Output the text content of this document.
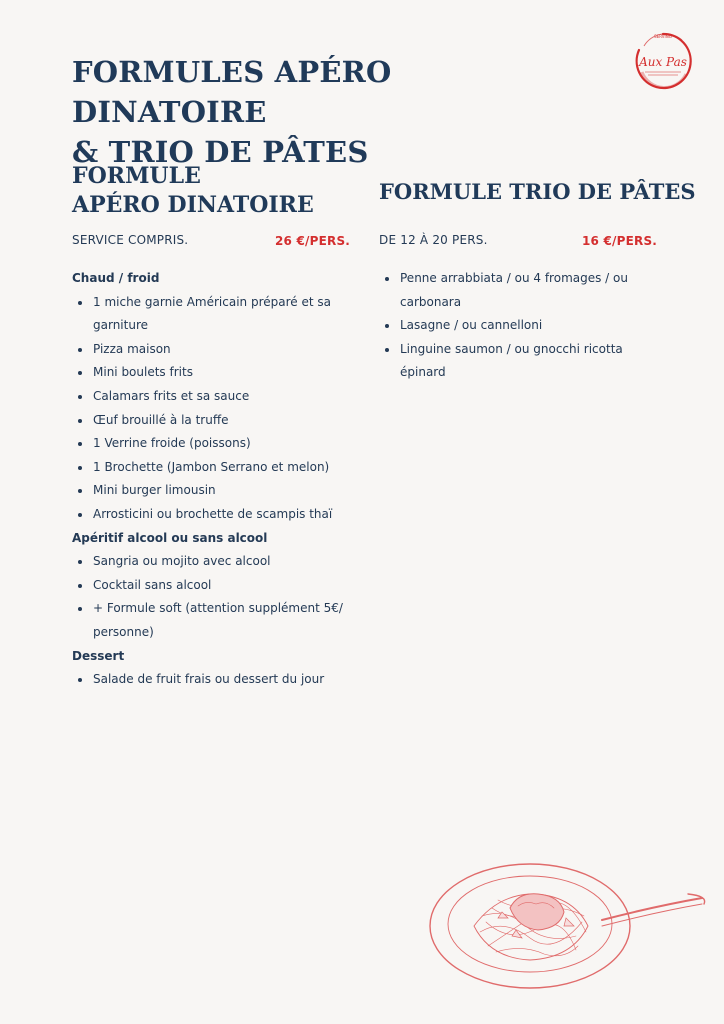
FORMULES APÉRO DINATOIRE
& TRIO DE PÂTES
SERVING
Aux Pas
FORMULE
APÉRO DINATOIRE
FORMULE TRIO DE PÂTES
SERVICE COMPRIS.	26 €/PERS. DE 12 À 20 PERS.	16 €/PERS.
Chaud / froid
• 1 miche garnie Américain préparé et sa garniture
• Pizza maison
• Mini boulets frits
• Calamars frits et sa sauce
• Œuf brouillé à la truffe
• 1 Verrine froide (poissons)
• 1 Brochette (Jambon Serrano et melon)
• Mini burger limousin
• Arrosticini ou brochette de scampis thaï
Apéritif alcool ou sans alcool
• Sangria ou mojito avec alcool
• Cocktail sans alcool
• + Formule soft (attention supplément 5€/ personne)
Dessert
• Salade de fruit frais ou dessert du jour
• Penne arrabbiata / ou 4 fromages / ou carbonara
• Lasagne / ou cannelloni
• Linguine saumon / ou gnocchi ricotta épinard
